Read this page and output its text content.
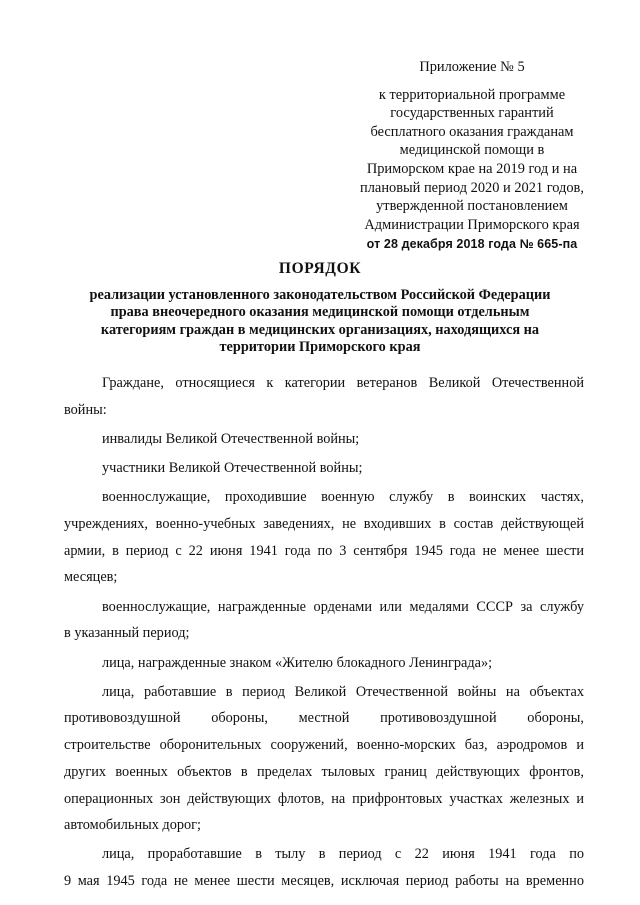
Приложение № 5
к территориальной программе
государственных гарантий
бесплатного оказания гражданам
медицинской помощи в
Приморском крае на 2019 год и на
плановый период 2020 и 2021 годов,
утвержденной постановлением
Администрации Приморского края
от 28 декабря 2018 года № 665-па
ПОРЯДОК
реализации установленного законодательством Российской Федерации
права внеочередного оказания медицинской помощи отдельным
категориям граждан в медицинских организациях, находящихся на
территории Приморского края
Граждане, относящиеся к категории ветеранов Великой Отечественной
войны:
инвалиды Великой Отечественной войны;
участники Великой Отечественной войны;
военнослужащие, проходившие военную службу в воинских частях,
учреждениях, военно-учебных заведениях, не входивших в состав действующей
армии, в период с 22 июня 1941 года по 3 сентября 1945 года не менее шести
месяцев;
военнослужащие, награжденные орденами или медалями СССР за службу
в указанный период;
лица, награжденные знаком «Жителю блокадного Ленинграда»;
лица, работавшие в период Великой Отечественной войны на объектах
противовоздушной обороны, местной противовоздушной обороны,
строительстве оборонительных сооружений, военно-морских баз, аэродромов и
других военных объектов в пределах тыловых границ действующих фронтов,
операционных зон действующих флотов, на прифронтовых участках железных и
автомобильных дорог;
лица, проработавшие в тылу в период с 22 июня 1941 года по
9 мая 1945 года не менее шести месяцев, исключая период работы на временно
